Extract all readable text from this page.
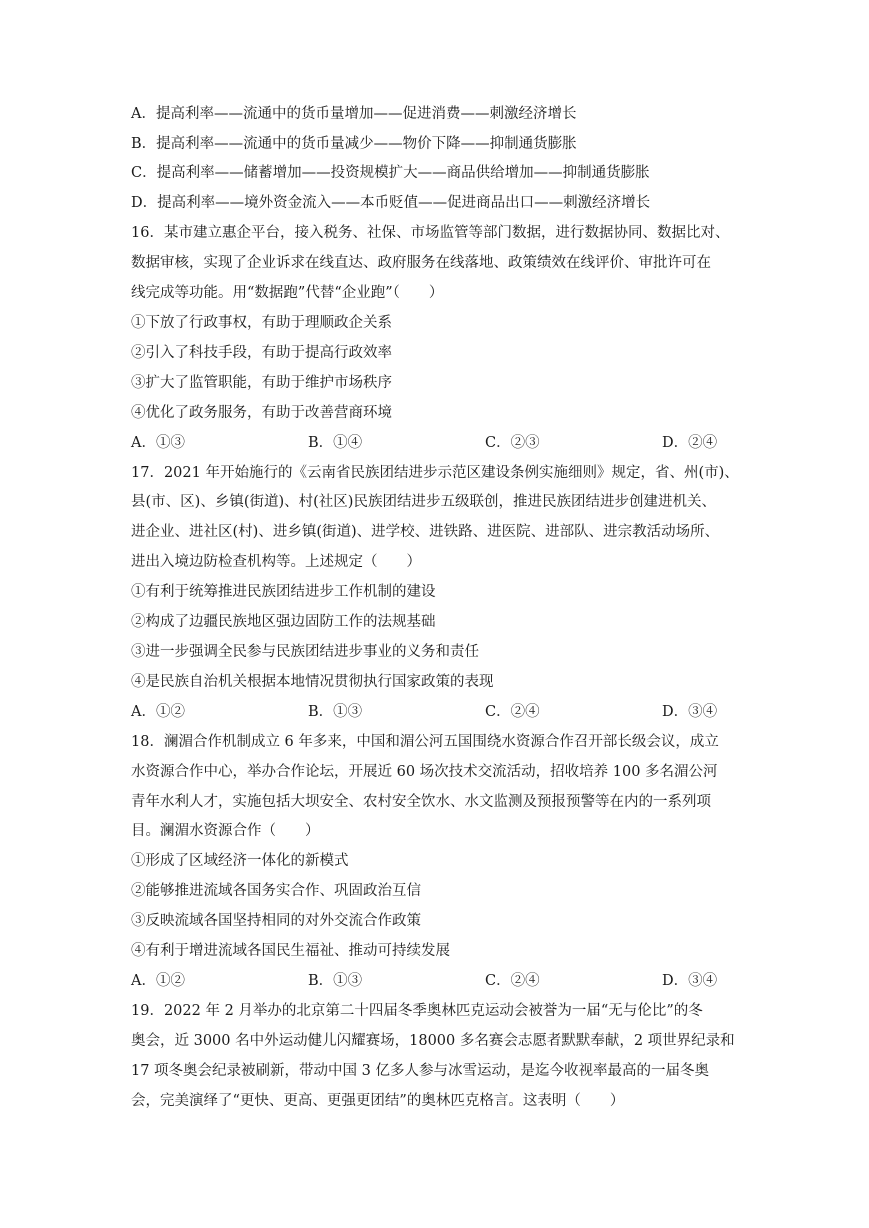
A．提高利率——流通中的货币量增加——促进消费——刺激经济增长
B．提高利率——流通中的货币量减少——物价下降——抑制通货膨胀
C．提高利率——储蓄增加——投资规模扩大——商品供给增加——抑制通货膨胀
D．提高利率——境外资金流入——本币贬值——促进商品出口——刺激经济增长
16．某市建立惠企平台，接入税务、社保、市场监管等部门数据，进行数据协同、数据比对、
数据审核，实现了企业诉求在线直达、政府服务在线落地、政策绩效在线评价、审批许可在
线完成等功能。用“数据跑”代替“企业跑”（　　）
①下放了行政事权，有助于理顺政企关系
②引入了科技手段，有助于提高行政效率
③扩大了监管职能，有助于维护市场秩序
④优化了政务服务，有助于改善营商环境
A．①③	B．①④	C．②③	D．②④
17．2021 年开始施行的《云南省民族团结进步示范区建设条例实施细则》规定，省、州(市)、
县(市、区)、乡镇(街道)、村(社区)民族团结进步五级联创，推进民族团结进步创建进机关、
进企业、进社区(村)、进乡镇(街道)、进学校、进铁路、进医院、进部队、进宗教活动场所、
进出入境边防检查机构等。上述规定（　　）
①有利于统筹推进民族团结进步工作机制的建设
②构成了边疆民族地区强边固防工作的法规基础
③进一步强调全民参与民族团结进步事业的义务和责任
④是民族自治机关根据本地情况贯彻执行国家政策的表现
A．①②	B．①③	C．②④	D．③④
18．澜湄合作机制成立 6 年多来，中国和湄公河五国围绕水资源合作召开部长级会议，成立
水资源合作中心，举办合作论坛，开展近 60 场次技术交流活动，招收培养 100 多名湄公河
青年水利人才，实施包括大坝安全、农村安全饮水、水文监测及预报预警等在内的一系列项
目。澜湄水资源合作（　　）
①形成了区域经济一体化的新模式
②能够推进流域各国务实合作、巩固政治互信
③反映流域各国坚持相同的对外交流合作政策
④有利于增进流域各国民生福祉、推动可持续发展
A．①②	B．①③	C．②④	D．③④
19．2022 年 2 月举办的北京第二十四届冬季奥林匹克运动会被誉为一届“无与伦比”的冬
奥会，近 3000 名中外运动健儿闪耀赛场，18000 多名赛会志愿者默默奉献，2 项世界纪录和
17 项冬奥会纪录被刷新，带动中国 3 亿多人参与冰雪运动，是迄今收视率最高的一届冬奥
会，完美演绎了“更快、更高、更强更团结”的奥林匹克格言。这表明（　　）
